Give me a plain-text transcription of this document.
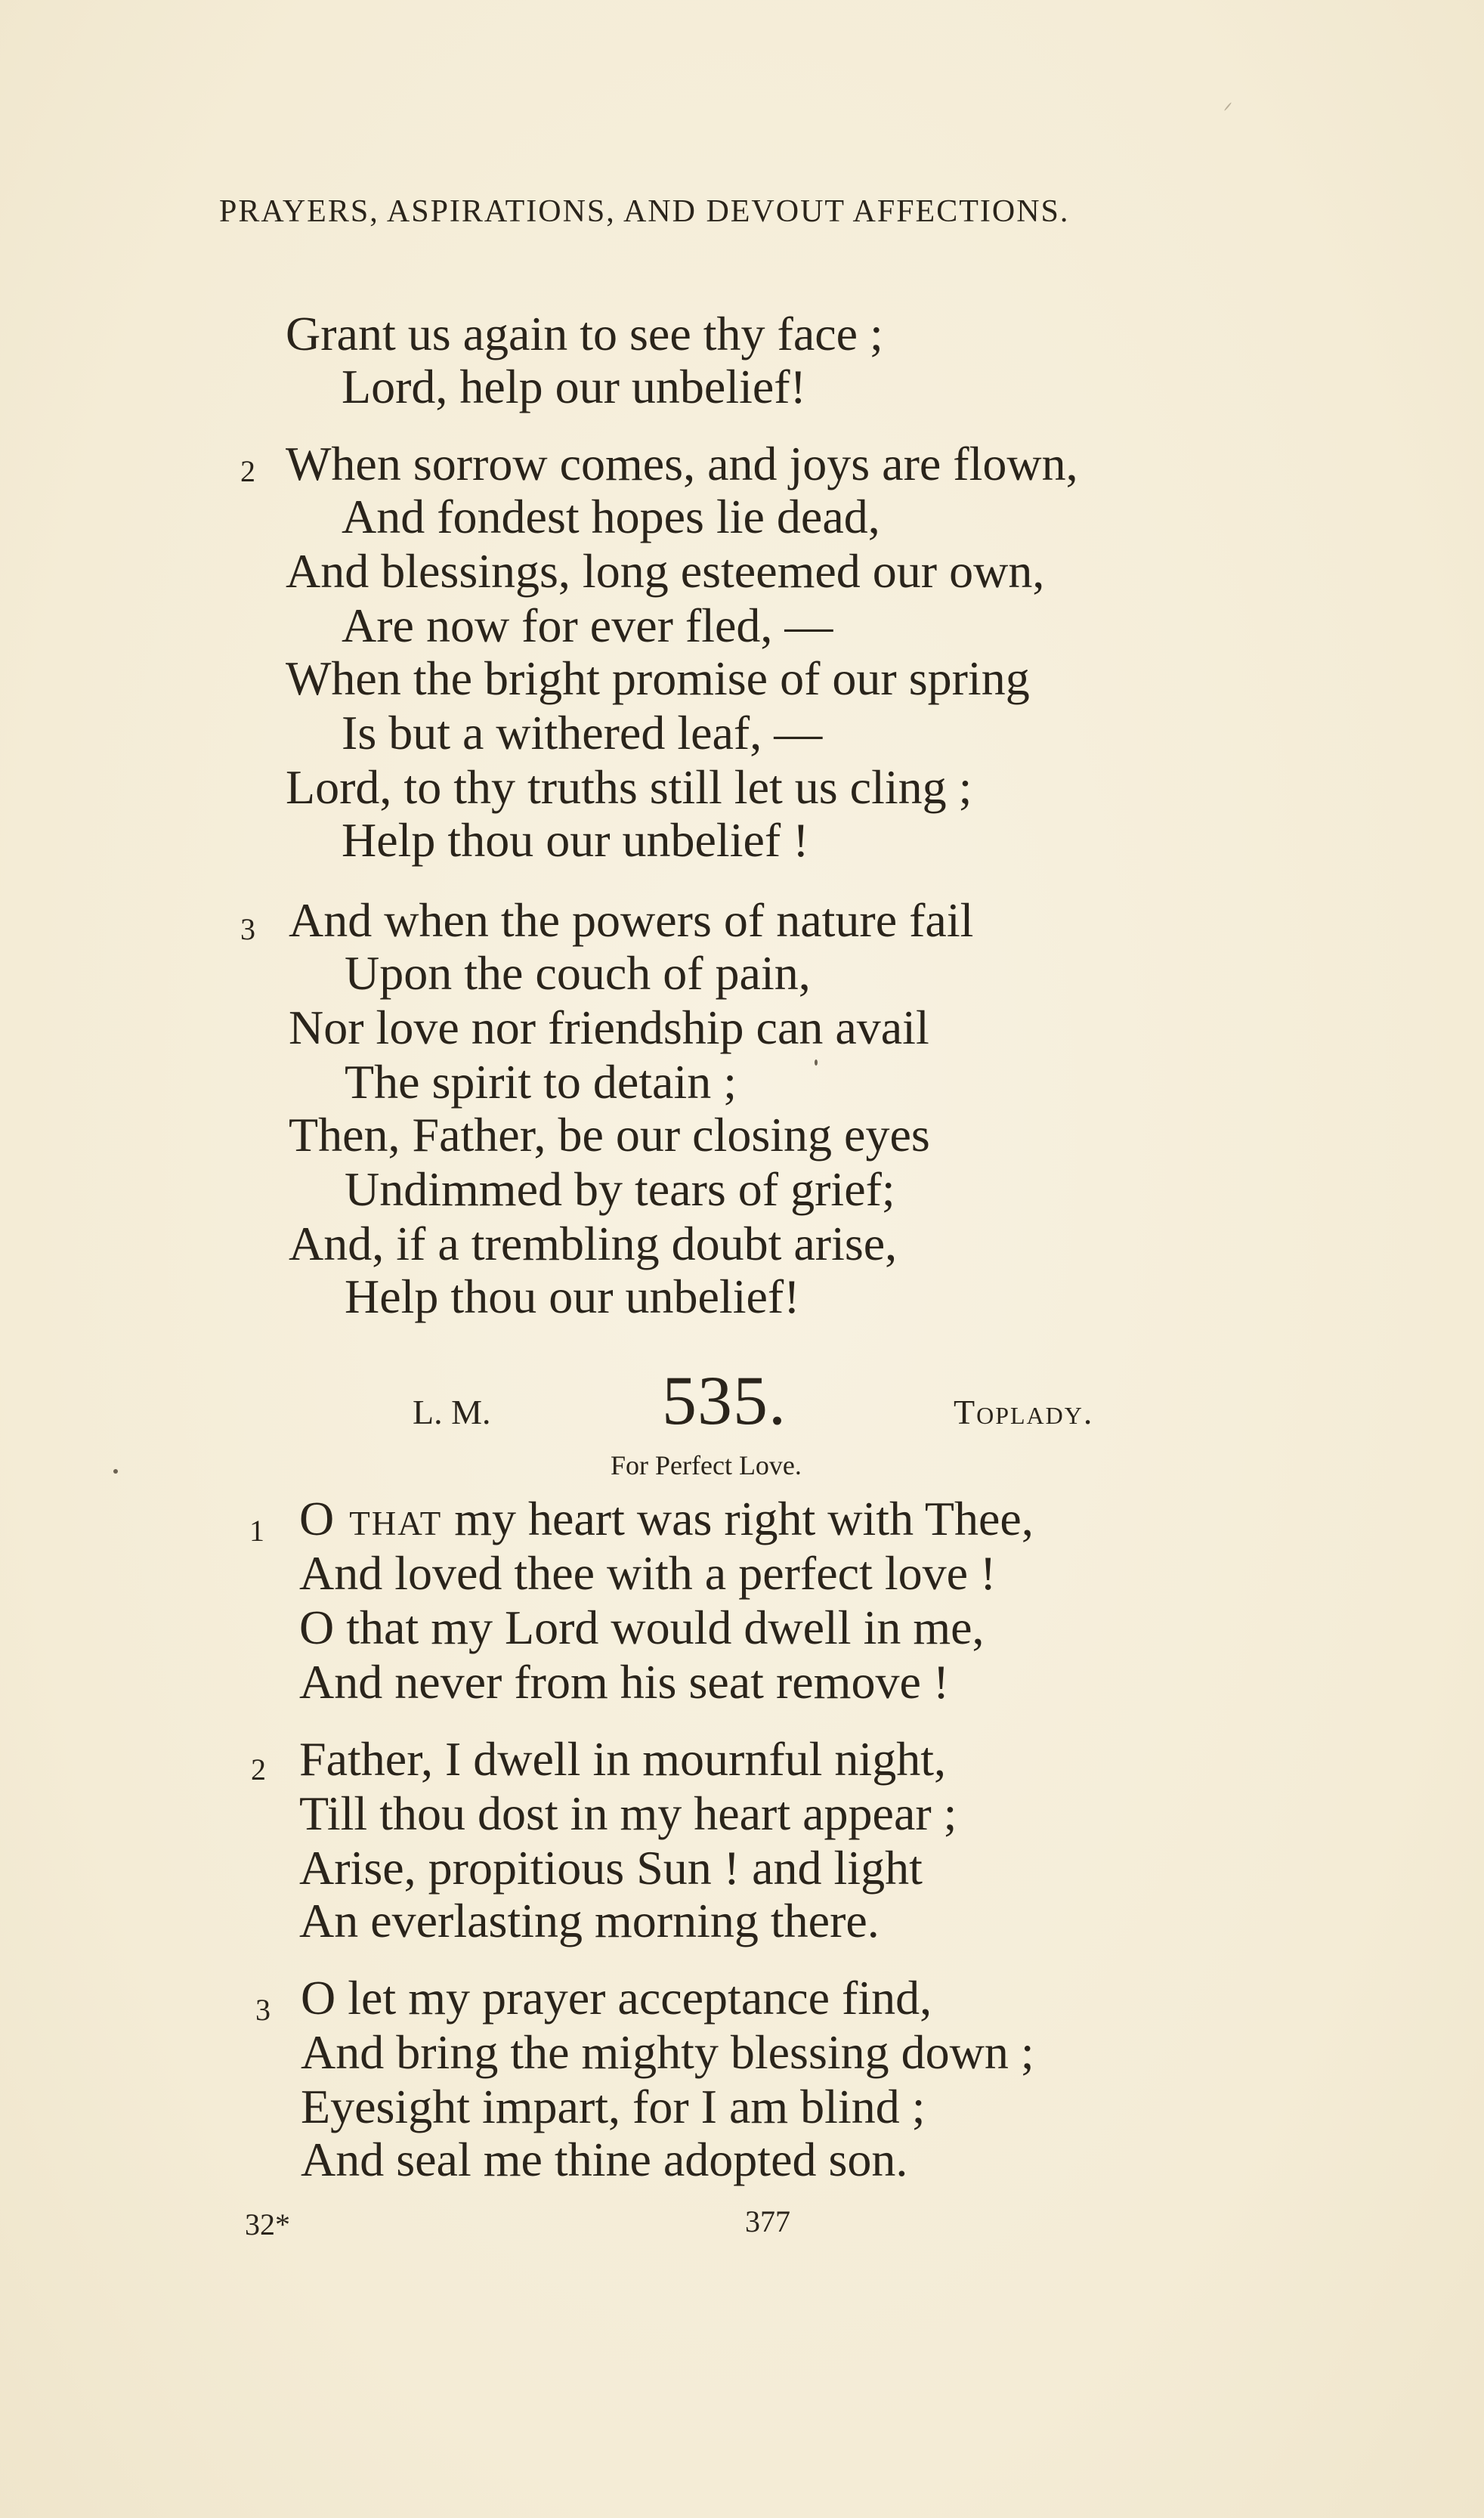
PRAYERS, ASPIRATIONS, AND DEVOUT AFFECTIONS.
Grant us again to see thy face ;
Lord, help our unbelief!
2 When sorrow comes, and joys are flown,
And fondest hopes lie dead,
And blessings, long esteemed our own,
Are now for ever fled, —
When the bright promise of our spring
Is but a withered leaf, —
Lord, to thy truths still let us cling ;
Help thou our unbelief !
3 And when the powers of nature fail
Upon the couch of pain,
Nor love nor friendship can avail
The spirit to detain ;
Then, Father, be our closing eyes
Undimmed by tears of grief;
And, if a trembling doubt arise,
Help thou our unbelief!
L. M. 535.	Toplady.
For Perfect Love.
1 O that my heart was right with Thee,
And loved thee with a perfect love !
O that my Lord would dwell in me,
And never from his seat remove !
2 Father, I dwell in mournful night,
Till thou dost in my heart appear ;
Arise, propitious Sun ! and light
An everlasting morning there.
3 O let my prayer acceptance find,
And bring the mighty blessing down ;
Eyesight impart, for I am blind ;
And seal me thine adopted son.
32*	377
